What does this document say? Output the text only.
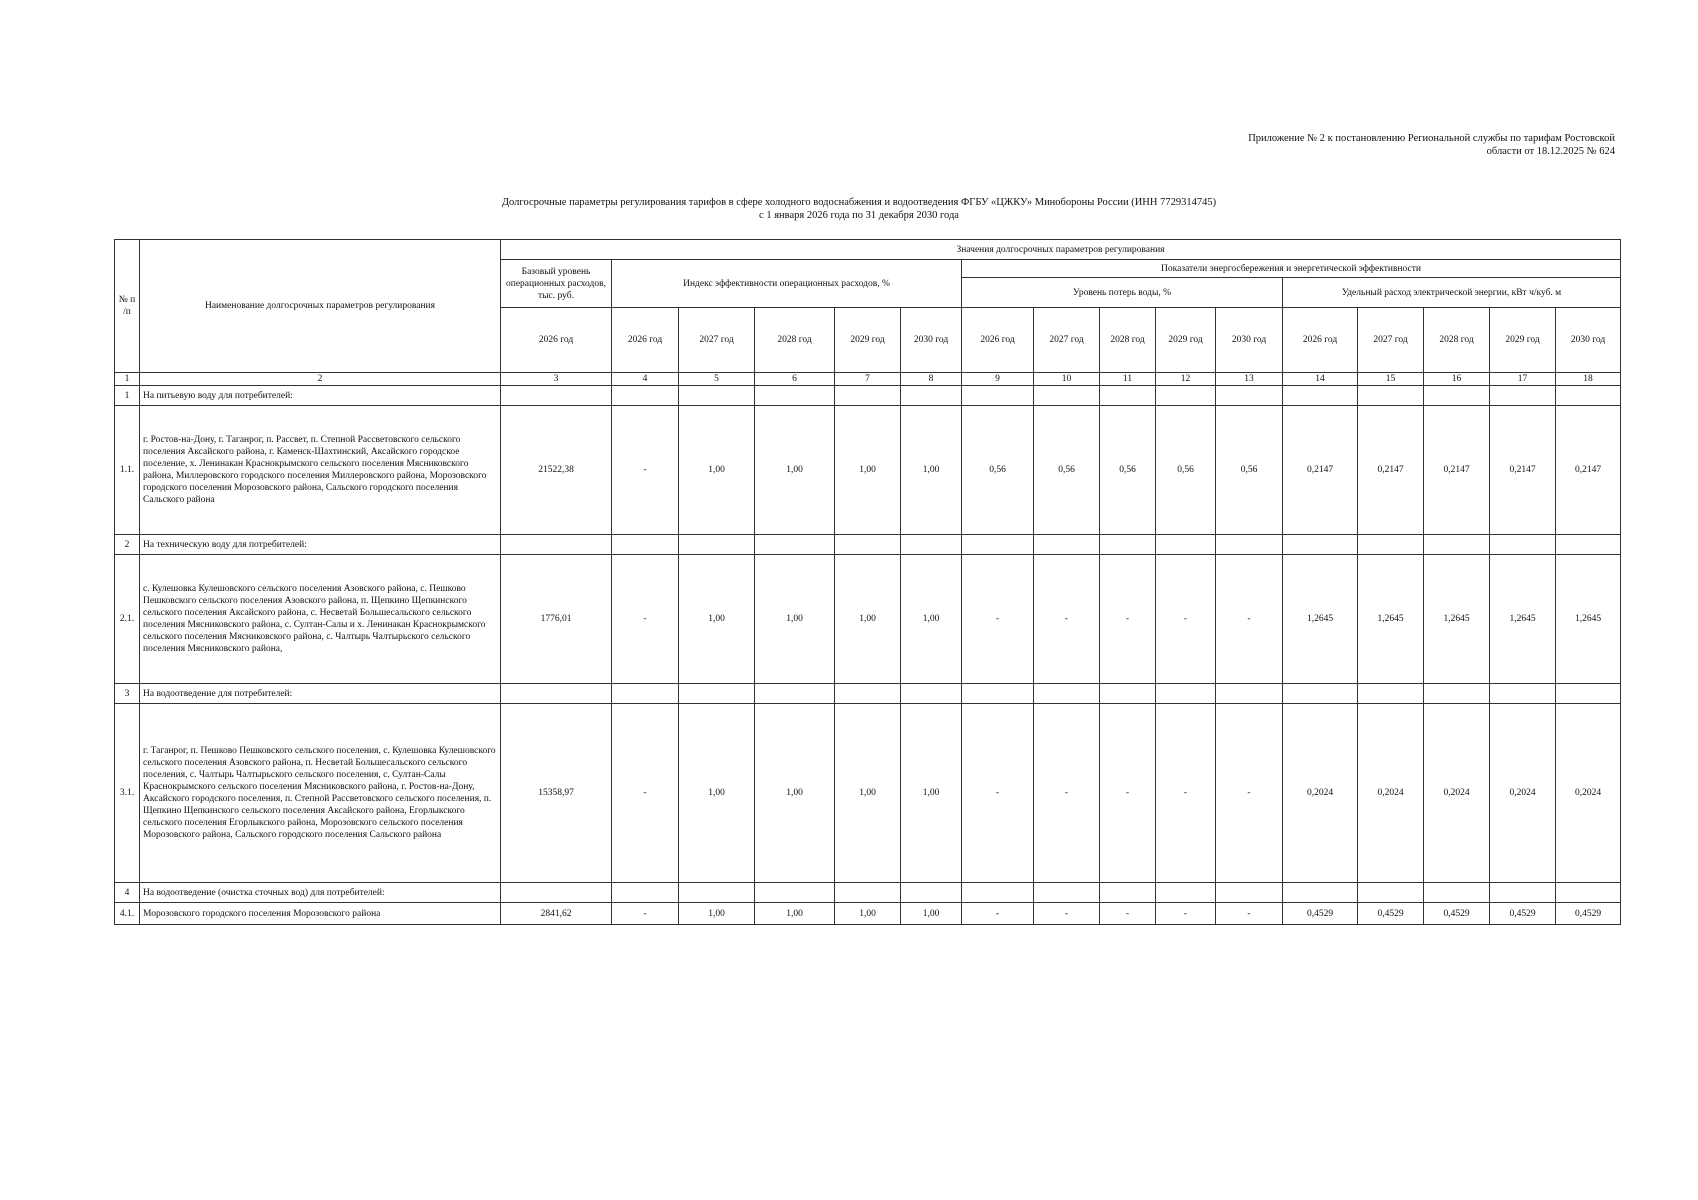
Приложение № 2 к постановлению Региональной службы по тарифам Ростовской
области от 18.12.2025 № 624
Долгосрочные параметры регулирования тарифов в сфере холодного водоснабжения и водоотведения ФГБУ «ЦЖКУ» Минобороны России (ИНН 7729314745)
с 1 января 2026 года по 31 декабря 2030 года
№ п /п	Наименование долгосрочных параметров регулирования	Значения долгосрочных параметров регулирования															
		Базовый уровень операционных расходов, тыс. руб.	Индекс эффективности операционных расходов, %					Показатели энергосбережения и энергетической эффективности									
								Уровень потерь воды, %					Удельный расход электрической энергии, кВт ч/куб. м				
		2026 год	2026 год	2027 год	2028 год	2029 год	2030 год	2026 год	2027 год	2028 год	2029 год	2030 год	2026 год	2027 год	2028 год	2029 год	2030 год
1	2	3	4	5	6	7	8	9	10	11	12	13	14	15	16	17	18
1	На питьевую воду для потребителей:																
1.1.	г. Ростов-на-Дону, г. Таганрог, п. Рассвет, п. Степной Рассветовского сельского поселения Аксайского района, г. Каменск-Шахтинский, Аксайского городское поселение, х. Ленинакан Краснокрымского сельского поселения Мясниковского района, Миллеровского городского поселения Миллеровского района, Морозовского городского поселения Морозовского района, Сальского городского поселения Сальского района	21522,38	-	1,00	1,00	1,00	1,00	0,56	0,56	0,56	0,56	0,56	0,2147	0,2147	0,2147	0,2147	0,2147
2	На техническую воду для потребителей:																
2.1.	с. Кулешовка Кулешовского сельского поселения Азовского района, с. Пешково Пешковского сельского поселения Азовского района, п. Щепкино Щепкинского сельского поселения Аксайского района, с. Несветай Большесальского сельского поселения Мясниковского района, с. Султан-Салы и х. Ленинакан Краснокрымского сельского поселения Мясниковского района, с. Чалтырь Чалтырьского сельского поселения Мясниковского района,	1776,01	-	1,00	1,00	1,00	1,00	-	-	-	-	-	1,2645	1,2645	1,2645	1,2645	1,2645
3	На водоотведение для потребителей:																
3.1.	г. Таганрог, п. Пешково Пешковского сельского поселения, с. Кулешовка Кулешовского сельского поселения Азовского района, п. Несветай Большесальского сельского поселения, с. Чалтырь Чалтырьского сельского поселения, с. Султан-Салы Краснокрымского сельского поселения Мясниковского района, г. Ростов-на-Дону, Аксайского городского поселения, п. Степной Рассветовского сельского поселения, п. Щепкино Щепкинского сельского поселения Аксайского района, Егорлыкского сельского поселения Егорлыкского района, Морозовского сельского поселения Морозовского района, Сальского городского поселения Сальского района	15358,97	-	1,00	1,00	1,00	1,00	-	-	-	-	-	0,2024	0,2024	0,2024	0,2024	0,2024
4	На водоотведение (очистка сточных вод) для потребителей:																
4.1.	Морозовского городского поселения Морозовского района	2841,62	-	1,00	1,00	1,00	1,00	-	-	-	-	-	0,4529	0,4529	0,4529	0,4529	0,4529
